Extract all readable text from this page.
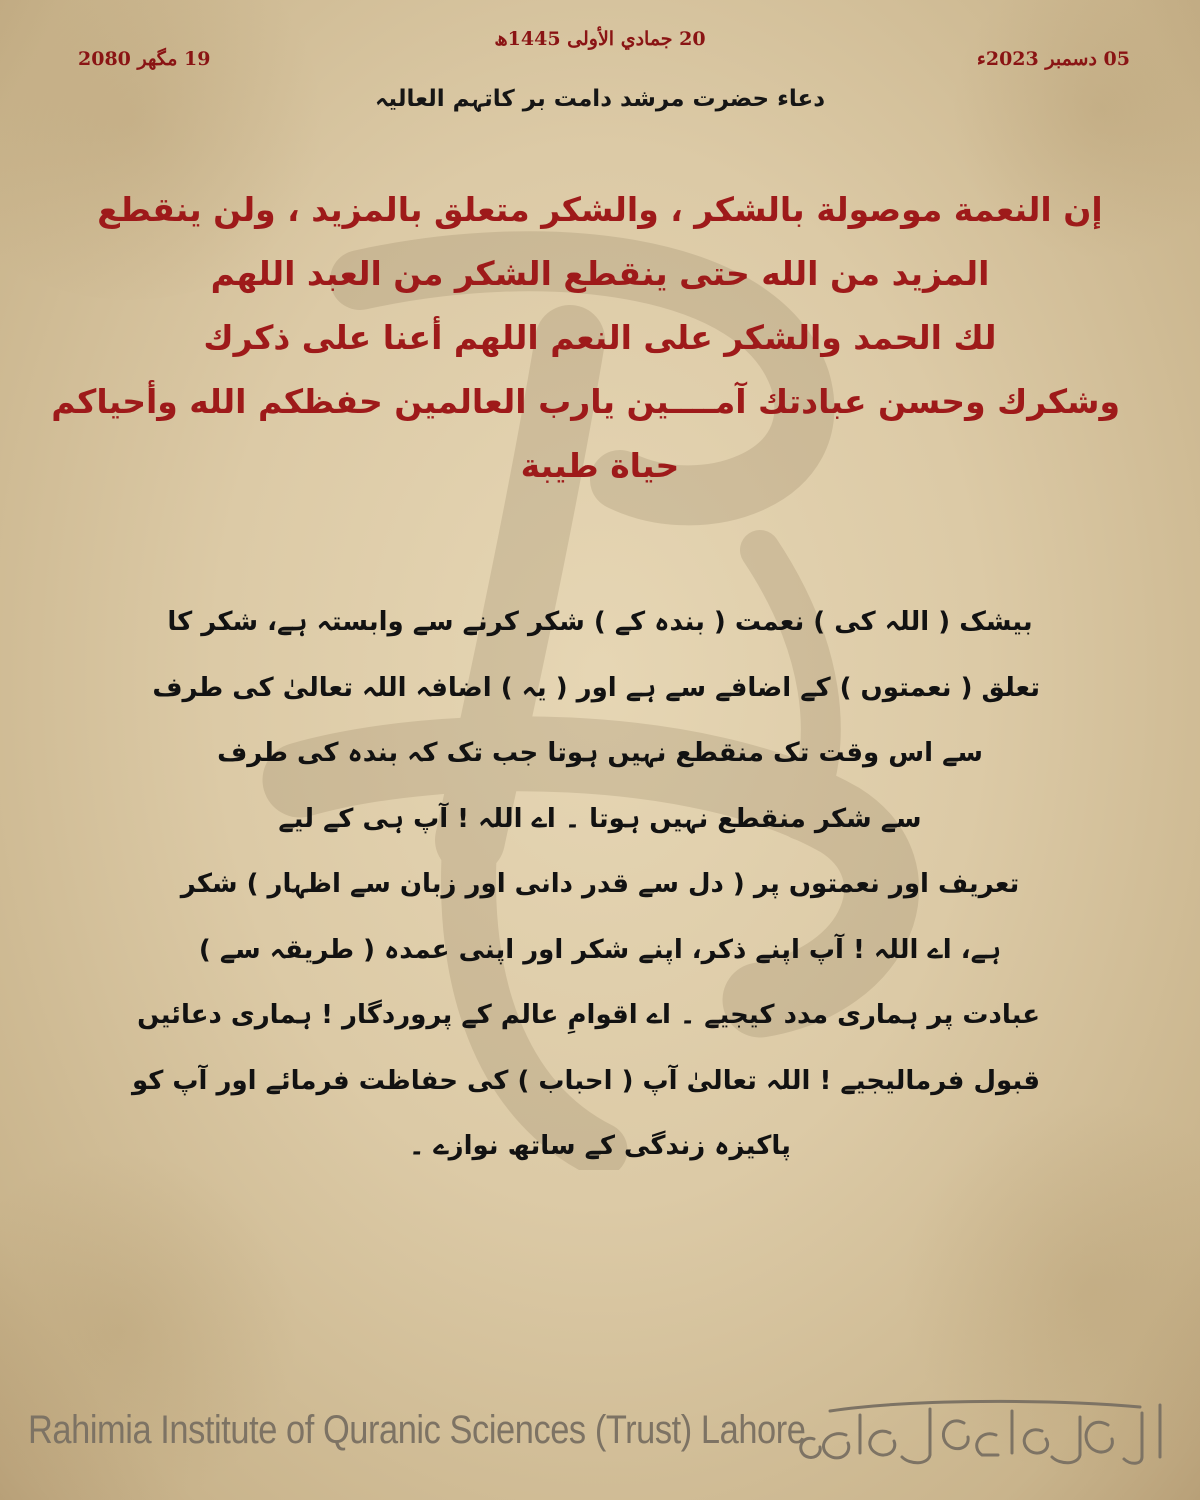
19 مگھر 2080
20 جمادي الأولى 1445ھ
05 دسمبر 2023ء
دعاء حضرت مرشد دامت بر کاتہم العالیہ
إن النعمة موصولة بالشكر ، والشكر متعلق بالمزيد ، ولن ينقطع
المزيد من الله حتى ينقطع الشكر من العبد اللهم
لك الحمد والشكر على النعم اللهم أعنا على ذكرك
وشكرك وحسن عبادتك آمــــين يارب العالمين حفظكم الله وأحياكم
حياة طيبة
بیشک ( اللہ کی ) نعمت ( بندہ کے ) شکر کرنے سے وابستہ ہے، شکر کا
تعلق ( نعمتوں ) کے اضافے سے ہے اور ( یہ ) اضافہ اللہ تعالیٰ کی طرف
سے اس وقت تک منقطع نہیں ہوتا جب تک کہ بندہ کی طرف
سے شکر منقطع نہیں ہوتا ۔ اے اللہ ! آپ ہی کے لیے
تعریف اور نعمتوں پر ( دل سے قدر دانی اور زبان سے اظہار ) شکر
ہے، اے اللہ ! آپ اپنے ذکر، اپنے شکر اور اپنی عمدہ ( طریقہ سے )
عبادت پر ہماری مدد کیجیے ۔ اے اقوامِ عالم کے پروردگار ! ہماری دعائیں
قبول فرمالیجیے ! اللہ تعالیٰ آپ ( احباب ) کی حفاظت فرمائے اور آپ کو
پاکیزہ زندگی کے ساتھ نوازے ۔
Rahimia Institute of Quranic Sciences (Trust) Lahore
